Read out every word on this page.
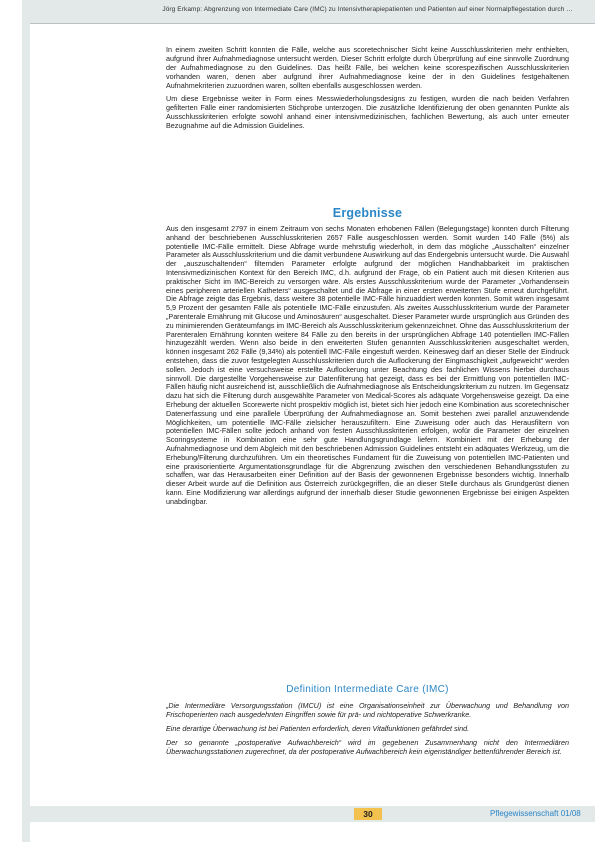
Jörg Erkamp: Abgrenzung von Intermediate Care (IMC) zu Intensivtherapiepatienten und Patienten auf einer Normalpflegestation durch …

In einem zweiten Schritt konnten die Fälle, welche aus scoretechnischer Sicht keine Ausschlusskriterien mehr enthielten, aufgrund ihrer Aufnahmediagnose untersucht werden. Dieser Schritt erfolgte durch Überprüfung auf eine sinnvolle Zuordnung der Aufnahmediagnose zu den Guidelines. Das heißt Fälle, bei welchen keine scorespezifischen Ausschlusskriterien vorhanden waren, denen aber aufgrund ihrer Aufnahmediagnose keine der in den Guidelines festgehaltenen Aufnahmekriterien zuzuordnen waren, sollten ebenfalls ausgeschlossen werden.

Um diese Ergebnisse weiter in Form eines Messwiederholungsdesigns zu festigen, wurden die nach beiden Verfahren gefilterten Fälle einer randomisierten Stichprobe unterzogen. Die zusätzliche Identifizierung der oben genannten Punkte als Ausschlusskriterien erfolgte sowohl anhand einer intensivmedizinischen, fachlichen Bewertung, als auch unter erneuter Bezugnahme auf die Admission Guidelines.

Ergebnisse

Aus den insgesamt 2797 in einem Zeitraum von sechs Monaten erhobenen Fällen (Belegungstage) konnten durch Filterung anhand der beschriebenen Ausschlusskriterien 2657 Fälle ausgeschlossen werden. Somit wurden 140 Fälle (5%) als potentielle IMC-Fälle ermittelt. Diese Abfrage wurde mehrstufig wiederholt, in dem das mögliche „Ausschalten“ einzelner Parameter als Ausschlusskriterium und die damit verbundene Auswirkung auf das Endergebnis untersucht wurde. Die Auswahl der „auszuschaltenden“ filternden Parameter erfolgte aufgrund der möglichen Handhabbarkeit im praktischen Intensivmedizinischen Kontext für den Bereich IMC, d.h. aufgrund der Frage, ob ein Patient auch mit diesen Kriterien aus praktischer Sicht im IMC-Bereich zu versorgen wäre. Als erstes Ausschlusskriterium wurde der Parameter „Vorhandensein eines peripheren arteriellen Katheters“ ausgeschaltet und die Abfrage in einer ersten erweiterten Stufe erneut durchgeführt. Die Abfrage zeigte das Ergebnis, dass weitere 38 potentielle IMC-Fälle hinzuaddiert werden konnten. Somit wären insgesamt 5,9 Prozent der gesamten Fälle als potentielle IMC-Fälle einzustufen. Als zweites Ausschlusskriterium wurde der Parameter „Parenterale Ernährung mit Glucose und Aminosäuren“ ausgeschaltet. Dieser Parameter wurde ursprünglich aus Gründen des zu minimierenden Geräteumfangs im IMC-Bereich als Ausschlusskriterium gekennzeichnet. Ohne das Ausschlusskriterium der Parenteralen Ernährung konnten weitere 84 Fälle zu den bereits in der ursprünglichen Abfrage 140 potentiellen IMC-Fällen hinzugezählt werden. Wenn also beide in den erweiterten Stufen genannten Ausschlusskriterien ausgeschaltet werden, können insgesamt 262 Fälle (9,34%) als potentiell IMC-Fälle eingestuft werden. Keinesweg darf an dieser Stelle der Eindruck entstehen, dass die zuvor festgelegten Ausschlusskriterien durch die Auflockerung der Eingmaschigkeit „aufgeweicht“ werden sollen. Jedoch ist eine versuchsweise erstellte Auflockerung unter Beachtung des fachlichen Wissens hierbei durchaus sinnvoll. Die dargestellte Vorgehensweise zur Datenfilterung hat gezeigt, dass es bei der Ermittlung von potentiellen IMC-Fällen häufig nicht ausreichend ist, ausschließlich die Aufnahmediagnose als Entscheidungskriterium zu nutzen. Im Gegensatz dazu hat sich die Filterung durch ausgewählte Parameter von Medical-Scores als adäquate Vorgehensweise gezeigt. Da eine Erhebung der aktuellen Scorewerte nicht prospektiv möglich ist, bietet sich hier jedoch eine Kombination aus scoretechnischer Datenerfassung und eine parallele Überprüfung der Aufnahmediagnose an. Somit bestehen zwei parallel anzuwendende Möglichkeiten, um potentielle IMC-Fälle zielsicher herauszufiltern. Eine Zuweisung oder auch das Herausfiltern von potentiellen IMC-Fällen sollte jedoch anhand von festen Ausschlusskriterien erfolgen, wofür die Parameter der einzelnen Scoringsysteme in Kombination eine sehr gute Handlungsgrundlage liefern. Kombiniert mit der Erhebung der Aufnahmediagnose und dem Abgleich mit den beschriebenen Admission Guidelines entsteht ein adäquates Werkzeug, um die Erhebung/Filterung durchzuführen. Um ein theoretisches Fundament für die Zuweisung von potentiellen IMC-Patienten und eine praxisorientierte Argumentationsgrundlage für die Abgrenzung zwischen den verschiedenen Behandlungsstufen zu schaffen, war das Herausarbeiten einer Definition auf der Basis der gewonnenen Ergebnisse besonders wichtig. Innerhalb dieser Arbeit wurde auf die Definition aus Österreich zurückgegriffen, die an dieser Stelle durchaus als Grundgerüst dienen kann. Eine Modifizierung war allerdings aufgrund der innerhalb dieser Studie gewonnenen Ergebnisse bei einigen Aspekten unabdingbar.

Definition Intermediate Care (IMC)

„Die Intermediäre Versorgungsstation (IMCU) ist eine Organisationseinheit zur Überwachung und Behandlung von Frischoperierten nach ausgedehnten Eingriffen sowie für prä- und nichtoperative Schwerkranke.

Eine derartige Überwachung ist bei Patienten erforderlich, deren Vitalfunktionen gefährdet sind.

Der so genannte „postoperative Aufwachbereich“ wird im gegebenen Zusammenhang nicht den Intermediären Überwachungsstationen zugerechnet, da der postoperative Aufwachbereich kein eigenständiger bettenführender Bereich ist.

30	Pflegewissenschaft 01/08
